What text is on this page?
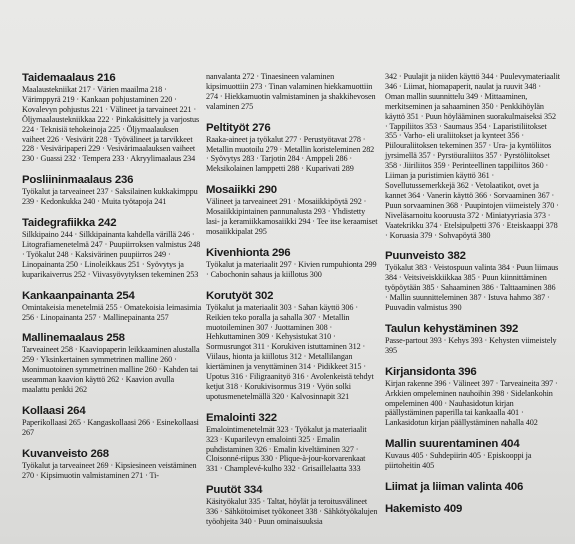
Taidemaalaus 216
Maalaustekniikat 217 · Värien maailma 218 · Värimppyrä 219 · Kankaan pohjustaminen 220 · Kovalevyn pohjustus 221 · Välineet ja tarvaineet 221 · Öljymaalaustekniikkaa 222 · Pinkakäsittely ja varjostus 224 · Teknisiä tehokeinoja 225 · Öljymaalauksen vaiheet 226 · Vesivärit 228 · Työvälineet ja tarvikkeet 228 · Vesiväripaperi 229 · Vesivärimaalauksen vaiheet 230 · Guassi 232 · Tempera 233 · Akryylimaalaus 234
Posliininmaalaus 236
Työkalut ja tarveaineet 237 · Saksilainen kukkakimppu 239 · Kedonkukka 240 · Muita työtapoja 241
Taidegrafiikka 242
Silkkipaino 244 · Silkkipainanta kahdella värillä 246 · Litografiamenetelmä 247 · Puupiirroksen valmistus 248 · Työkalut 248 · Kaksivärinen puupiirros 249 · Linopainanta 250 · Linoleikkaus 251 · Syövytys ja kuparikaiverrus 252 · Viivasyövytyksen tekeminen 253
Kankaanpainanta 254
Omintakeisia menetelmiä 255 · Omatekoisia leimasimia 256 · Linopainanta 257 · Mallinepainanta 257
Mallinemaalaus 258
Tarveaineet 258 · Kaaviopaperin leikkaaminen alustalla 259 · Yksinkertainen symmetrinen malline 260 · Monimuotoinen symmetrinen malline 260 · Kahden tai useamman kaavion käyttö 262 · Kaavion avulla maalattu penkki 262
Kollaasi 264
Paperikollaasi 265 · Kangaskollaasi 266 · Esinekollaasi 267
Kuvanveisto 268
Työkalut ja tarveaineet 269 · Kipsiesineen veistäminen 270 · Kipsimuotin valmistaminen 271 · Ti-
nanvalanta 272 · Tinaesineen valaminen kipsimuottiin 273 · Tinan valaminen hiekkamuottiin 274 · Hiekkamuotin valmistaminen ja shakkihevosen valaminen 275
Peltityöt 276
Raaka-aineet ja työkalut 277 · Perustyötavat 278 · Metallin muotoilu 279 · Metallin koristeleminen 282 · Syövytys 283 · Tarjotin 284 · Amppeli 286 · Meksikolainen lamppetti 288 · Kuparivati 289
Mosaiikki 290
Välineet ja tarveaineet 291 · Mosaiikkipöytä 292 · Mosaiikkipintainen pannunalusta 293 · Yhdistetty lasi- ja keramiikkamosaiikki 294 · Tee itse keraamiset mosaiikkipalat 295
Kivenhionta 296
Työkalut ja materiaalit 297 · Kivien rumpuhionta 299 · Cabochonin sahaus ja kiillotus 300
Korutyöt 302
Työkalut ja materiaalit 303 · Sahan käyttö 306 · Reikien teko poralla ja sahalla 307 · Metallin muotoileminen 307 · Juottaminen 308 · Hehkuttaminen 309 · Kehysistukat 310 · Sormusrungot 311 · Korukiven istuttaminen 312 · Viilaus, hionta ja kiillotus 312 · Metallilangan kiertäminen ja venyttäminen 314 · Pidikkeet 315 · Upotus 316 · Filigraanityö 316 · Avolenkeistä tehdyt ketjut 318 · Korukivisormus 319 · Vyön solki upotusmenetelmällä 320 · Kalvosinnapit 321
Emalointi 322
Emalointimenetelmät 323 · Työkalut ja materiaalit 323 · Kuparilevyn emalointi 325 · Emalin puhdistaminen 326 · Emalin kiveltäminen 327 · Cloisonné-riipus 330 · Plique-à-jour-korvarenkaat 331 · Champlevé-kulho 332 · Grisaillelaatta 333
Puutöt 334
Käsityökalut 335 · Taltat, höylät ja teroitusvälineet 336 · Sähkötoimiset työkoneet 338 · Sähkötyökalujen työohjeita 340 · Puun ominaisuuksia
342 · Puulajit ja niiden käyttö 344 · Puulevymateriaalit 346 · Liimat, hiomapaperit, naulat ja ruuvit 348 · Oman mallin suunnittelu 349 · Mittaaminen, merkitseminen ja sahaaminen 350 · Penkkihöylän käyttö 351 · Puun höylääminen suorakulmaiseksi 352 · Tappiliitos 353 · Saumaus 354 · Laparistiliitokset 355 · Varho- eli uraliitokset ja kynteet 356 · Piilouraliitoksen tekeminen 357 · Ura- ja kyntöliitos jyrsimellä 357 · Pyrstöuraliitos 357 · Pyrstöliitokset 358 · Jiiriliitos 359 · Perinteellinen tappiliitos 360 · Liiman ja puristimien käyttö 361 · Sovellutussemerkkejä 362 · Vetolaatikot, ovet ja kannet 364 · Vanerin käyttö 366 · Sorvaaminen 367 · Puun sorvaaminen 368 · Puupintojen viimeistely 370 · Niveläsarnoitu kooruusta 372 · Miniatyyriasia 373 · Vaatekrikku 374 · Etelsipulpetti 376 · Eteiskaappi 378 · Koruasia 379 · Sohvapöytä 380
Puunveisto 382
Työkalut 383 · Veistospuun valinta 384 · Puun liimaus 384 · Veitsiveiskkiikkaa 385 · Puun kiinnittäminen työpöytään 385 · Sahaaminen 386 · Talttaaminen 386 · Mallin suunnitteleminen 387 · Istuva hahmo 387 · Puuvadin valmistus 390
Taulun kehystäminen 392
Passe-partout 393 · Kehys 393 · Kehysten viimeistely 395
Kirjansidonta 396
Kirjan rakenne 396 · Välineet 397 · Tarveaineita 397 · Arkkien ompeleminen nauhoihin 398 · Sidelankohin ompeleminen 400 · Nauhasidotun kirjan päällystäminen paperilla tai kankaalla 401 · Lankasidotun kirjan päällystäminen nahalla 402
Mallin suurentaminen 404
Kuvaus 405 · Suhdepiirin 405 · Episkooppi ja piirtoheitin 405
Liimat ja liiman valinta 406
Hakemisto 409
